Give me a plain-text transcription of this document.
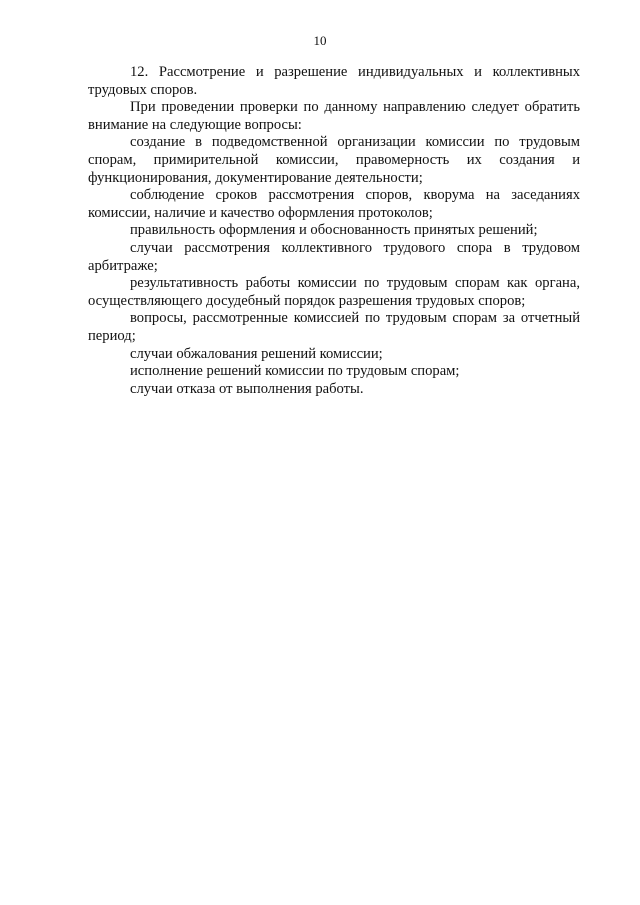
10

12. Рассмотрение и разрешение индивидуальных и коллективных трудовых споров.

При проведении проверки по данному направлению следует обратить внимание на следующие вопросы:

создание в подведомственной организации комиссии по трудовым спорам, примирительной комиссии, правомерность их создания и функционирования, документирование деятельности;

соблюдение сроков рассмотрения споров, кворума на заседаниях комиссии, наличие и качество оформления протоколов;

правильность оформления и обоснованность принятых решений;

случаи рассмотрения коллективного трудового спора в трудовом арбитраже;

результативность работы комиссии по трудовым спорам как органа, осуществляющего досудебный порядок разрешения трудовых споров;

вопросы, рассмотренные комиссией по трудовым спорам за отчетный период;

случаи обжалования решений комиссии;

исполнение решений комиссии по трудовым спорам;

случаи отказа от выполнения работы.
